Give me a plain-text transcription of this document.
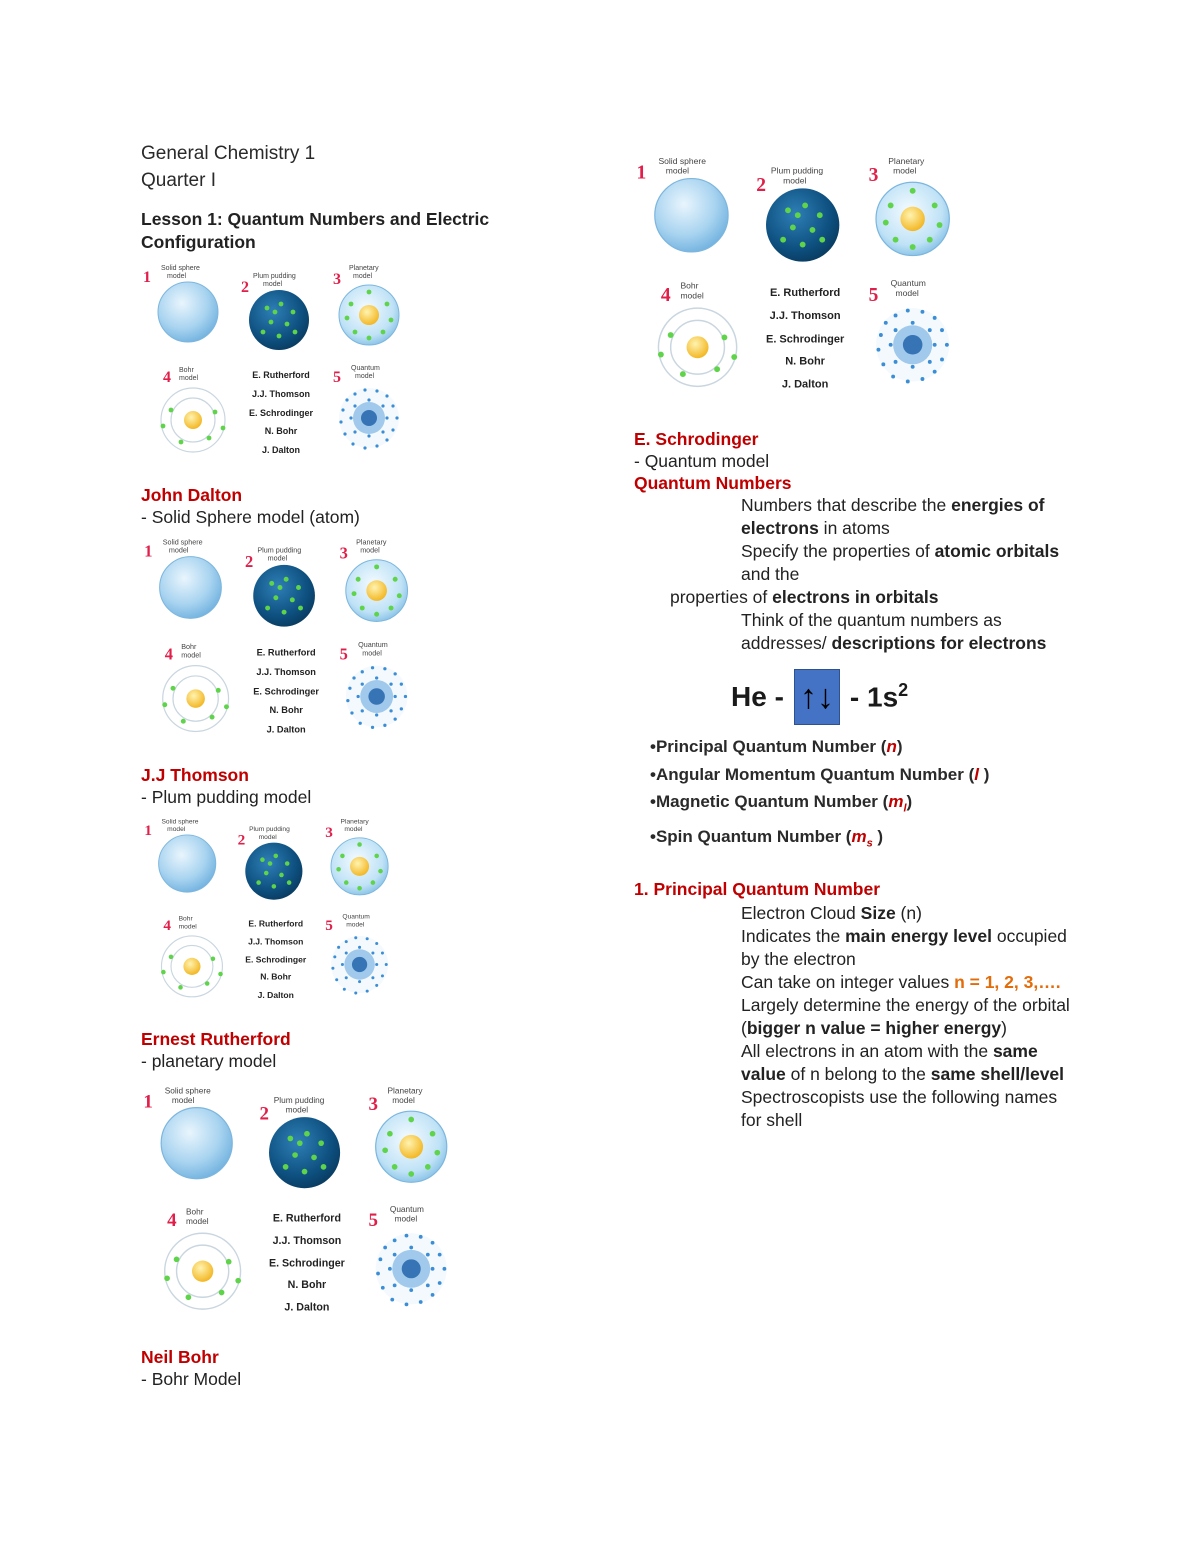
General Chemistry 1
Quarter I
Lesson 1: Quantum Numbers and Electric Configuration
John Dalton
- Solid Sphere model (atom)
J.J Thomson
- Plum pudding model
Ernest Rutherford
- planetary model
Neil Bohr
- Bohr Model
E. Schrodinger
- Quantum model
Quantum Numbers
Numbers that describe the energies of electrons in atoms
Specify the properties of atomic orbitals and the
properties of electrons in orbitals
Think of the quantum numbers as addresses/ descriptions for electrons
He - ↑↓ - $1s^2$
•Principal Quantum Number (n)
•Angular Momentum Quantum Number (l )
•Magnetic Quantum Number $(m_l)$
•Spin Quantum Number ($m_s$ )
1. Principal Quantum Number
Electron Cloud Size (n)
Indicates the main energy level occupied by the electron
Can take on integer values n = 1, 2, 3,….
Largely determine the energy of the orbital (bigger n value = higher energy)
All electrons in an atom with the same value of n belong to the same shell/level
Spectroscopists use the following names for shell
